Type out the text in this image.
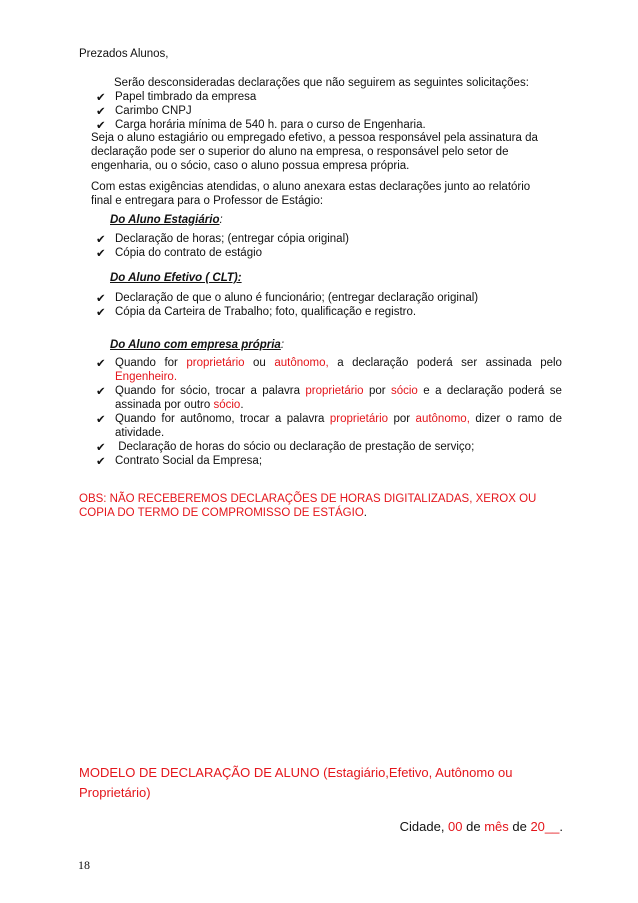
Prezados Alunos,
Serão desconsideradas declarações que não seguirem as seguintes solicitações:
✔ Papel timbrado da empresa
✔ Carimbo CNPJ
✔ Carga horária mínima de 540 h. para o curso de Engenharia.
Seja o aluno estagiário ou empregado efetivo, a pessoa responsável pela assinatura da
declaração pode ser o superior do aluno na empresa, o responsável pelo setor de
engenharia, ou o sócio, caso o aluno possua empresa própria.
Com estas exigências atendidas, o aluno anexara estas declarações junto ao relatório
final e entregara para o Professor de Estágio:
Do Aluno Estagiário:
✔ Declaração de horas; (entregar cópia original)
✔ Cópia do contrato de estágio
Do Aluno Efetivo ( CLT):
✔ Declaração de que o aluno é funcionário; (entregar declaração original)
✔ Cópia da Carteira de Trabalho; foto, qualificação e registro.
Do Aluno com empresa própria:
✔ Quando for proprietário ou autônomo, a declaração poderá ser assinada pelo
Engenheiro.
✔ Quando for sócio, trocar a palavra proprietário por sócio e a declaração poderá se
assinada por outro sócio.
✔ Quando for autônomo, trocar a palavra proprietário por autônomo, dizer o ramo de
atividade.
✔ Declaração de horas do sócio ou declaração de prestação de serviço;
✔ Contrato Social da Empresa;
OBS: NÃO RECEBEREMOS DECLARAÇÕES DE HORAS DIGITALIZADAS, XEROX OU
COPIA DO TERMO DE COMPROMISSO DE ESTÁGIO.
MODELO DE DECLARAÇÃO DE ALUNO (Estagiário,Efetivo, Autônomo ou
Proprietário)
Cidade, 00 de mês de 20__.
18
